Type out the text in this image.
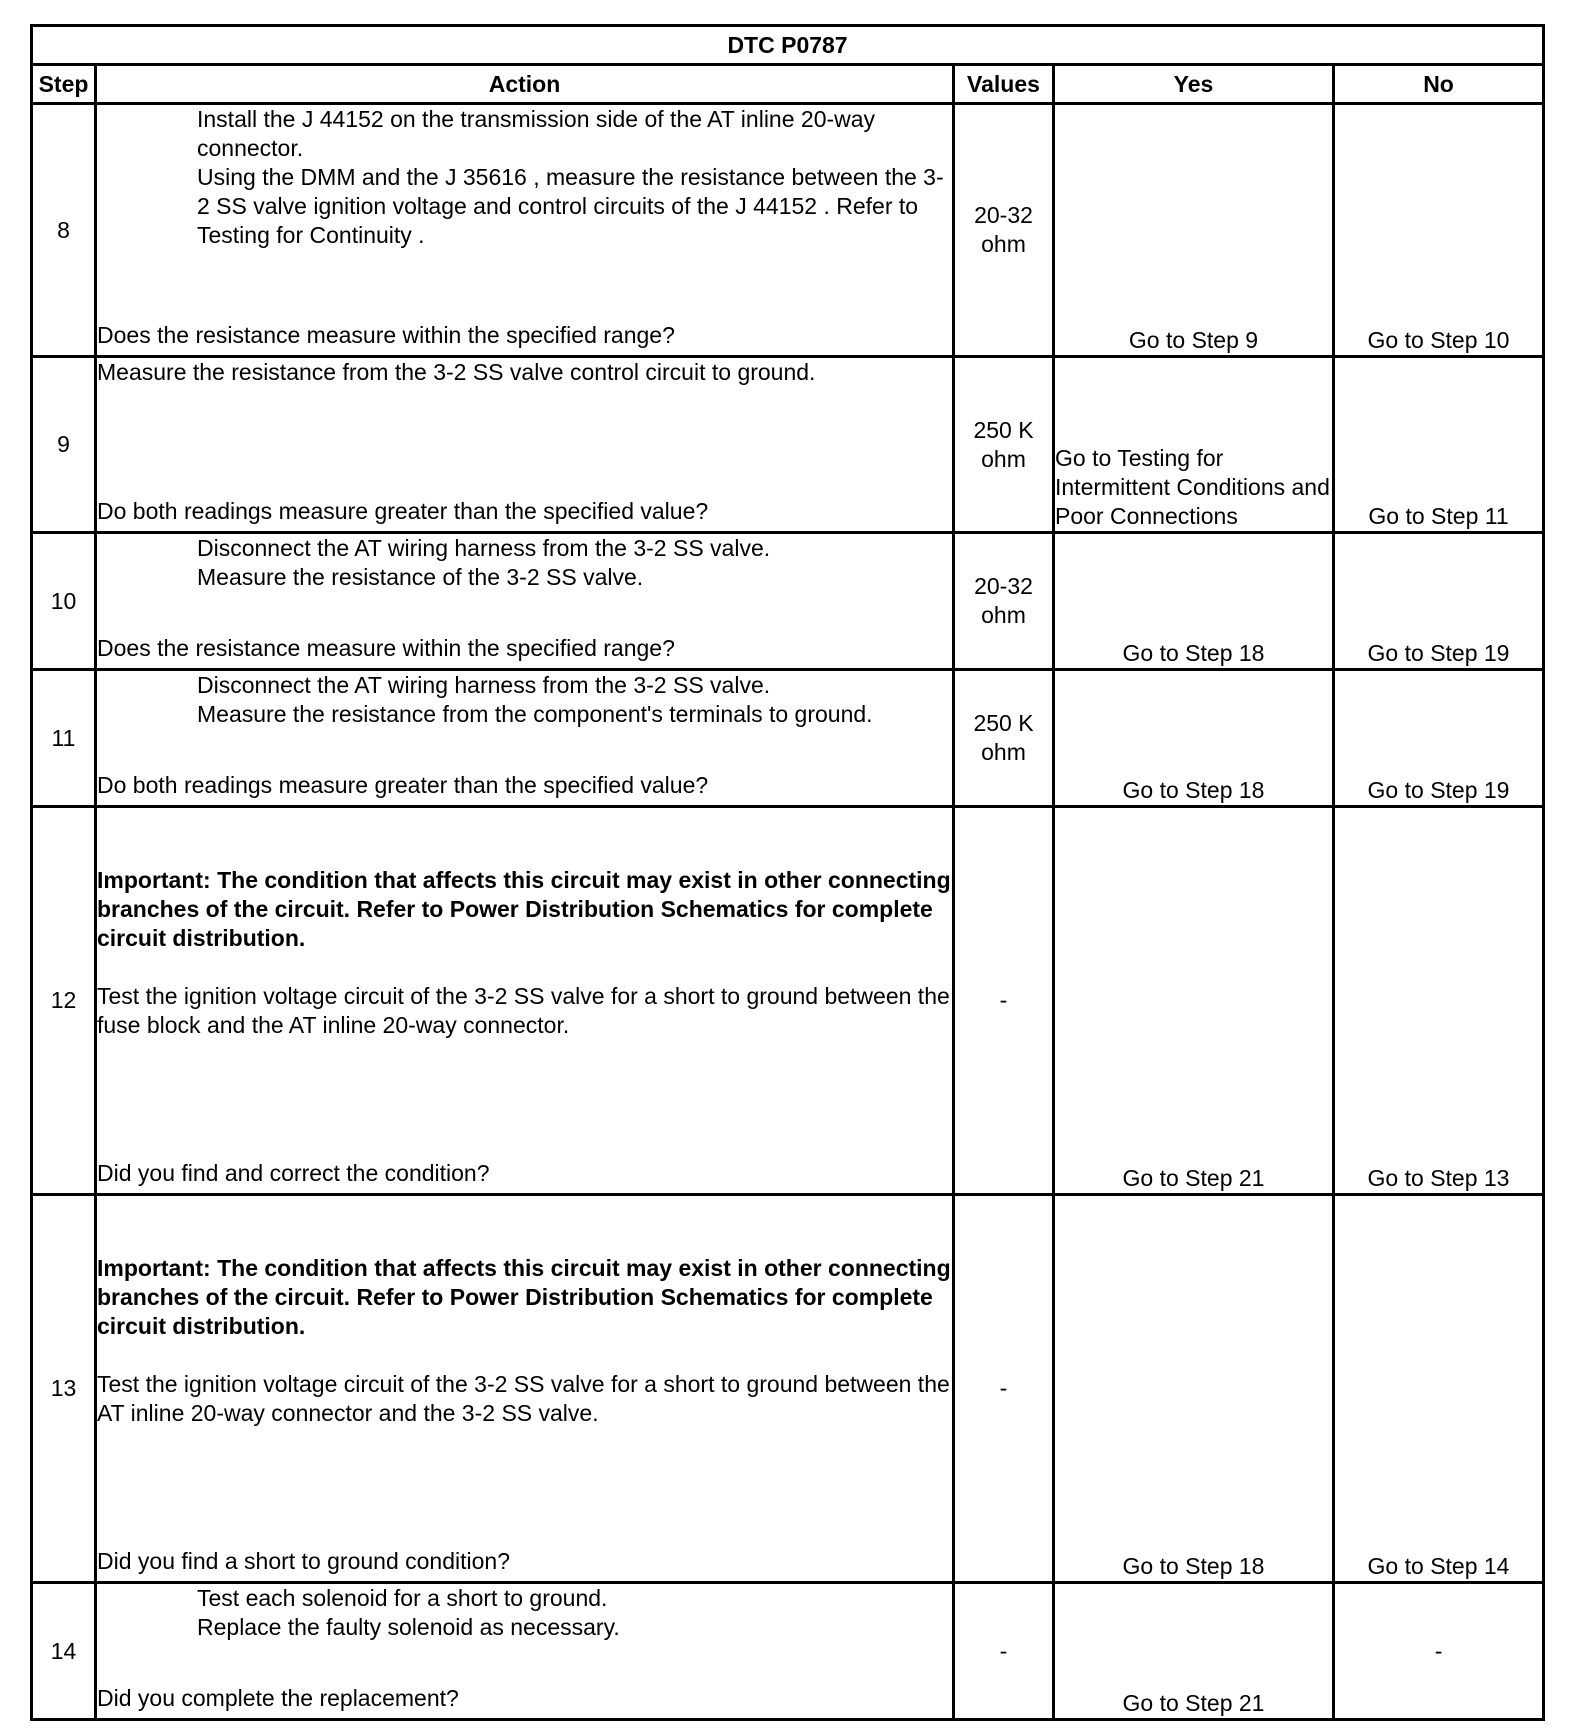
DTC P0787				
Step	Action	Values	Yes	No
8	Install the J 44152 on the transmission side of the AT inline 20-way connector.

Using the DMM and the J 35616 , measure the resistance between the 3-2 SS valve ignition voltage and control circuits of the J 44152 . Refer to Testing for Continuity .

Does the resistance measure within the specified range?	20-32 ohm	Go to Step 9	Go to Step 10
9	Measure the resistance from the 3-2 SS valve control circuit to ground.

Do both readings measure greater than the specified value?	250 K ohm	Go to Testing for Intermittent Conditions and Poor Connections	Go to Step 11
10	Disconnect the AT wiring harness from the 3-2 SS valve.

Measure the resistance of the 3-2 SS valve.

Does the resistance measure within the specified range?	20-32 ohm	Go to Step 18	Go to Step 19
11	Disconnect the AT wiring harness from the 3-2 SS valve.

Measure the resistance from the component's terminals to ground.

Do both readings measure greater than the specified value?	250 K ohm	Go to Step 18	Go to Step 19
12	Important: The condition that affects this circuit may exist in other connecting branches of the circuit. Refer to Power Distribution Schematics for complete circuit distribution.

Test the ignition voltage circuit of the 3-2 SS valve for a short to ground between the fuse block and the AT inline 20-way connector.

Did you find and correct the condition?	-	Go to Step 21	Go to Step 13
13	Important: The condition that affects this circuit may exist in other connecting branches of the circuit. Refer to Power Distribution Schematics for complete circuit distribution.

Test the ignition voltage circuit of the 3-2 SS valve for a short to ground between the AT inline 20-way connector and the 3-2 SS valve.

Did you find a short to ground condition?	-	Go to Step 18	Go to Step 14
14	Test each solenoid for a short to ground.

Replace the faulty solenoid as necessary.

Did you complete the replacement?	-	Go to Step 21	-
